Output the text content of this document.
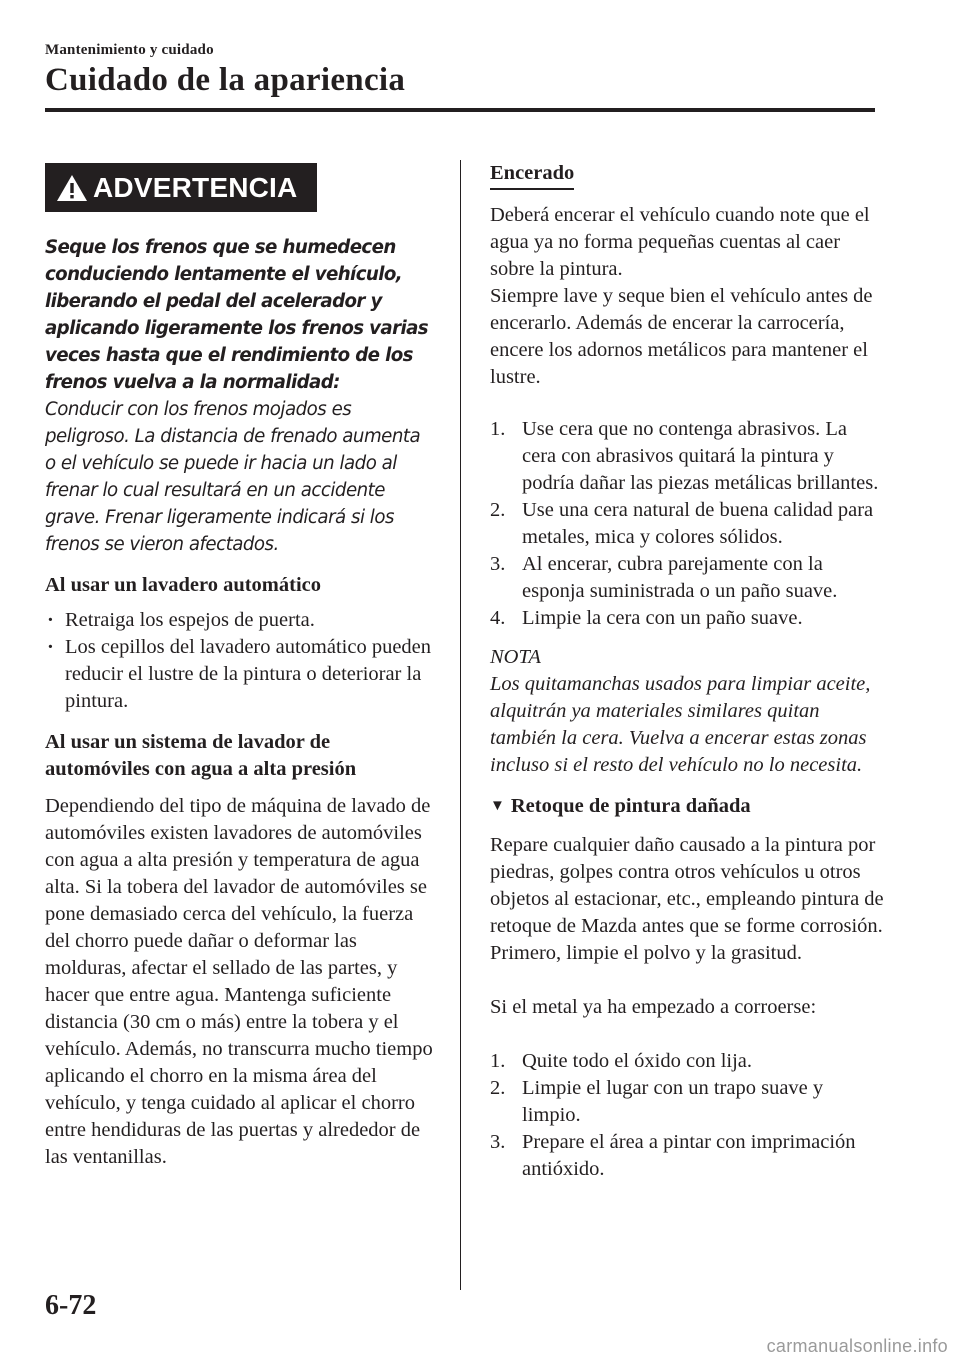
Mantenimiento y cuidado
Cuidado de la apariencia
ADVERTENCIA

Seque los frenos que se humedecen conduciendo lentamente el vehículo, liberando el pedal del acelerador y aplicando ligeramente los frenos varias veces hasta que el rendimiento de los frenos vuelva a la normalidad:

Conducir con los frenos mojados es peligroso. La distancia de frenado aumenta o el vehículo se puede ir hacia un lado al frenar lo cual resultará en un accidente grave. Frenar ligeramente indicará si los frenos se vieron afectados.

Al usar un lavadero automático

· Retraiga los espejos de puerta.
· Los cepillos del lavadero automático pueden reducir el lustre de la pintura o deteriorar la pintura.

Al usar un sistema de lavador de automóviles con agua a alta presión

Dependiendo del tipo de máquina de lavado de automóviles existen lavadores de automóviles con agua a alta presión y temperatura de agua alta. Si la tobera del lavador de automóviles se pone demasiado cerca del vehículo, la fuerza del chorro puede dañar o deformar las molduras, afectar el sellado de las partes, y hacer que entre agua. Mantenga suficiente distancia (30 cm o más) entre la tobera y el vehículo. Además, no transcurra mucho tiempo aplicando el chorro en la misma área del vehículo, y tenga cuidado al aplicar el chorro entre hendiduras de las puertas y alrededor de las ventanillas.

Encerado

Deberá encerar el vehículo cuando note que el agua ya no forma pequeñas cuentas al caer sobre la pintura.

Siempre lave y seque bien el vehículo antes de encerarlo. Además de encerar la carrocería, encere los adornos metálicos para mantener el lustre.

1. Use cera que no contenga abrasivos. La cera con abrasivos quitará la pintura y podría dañar las piezas metálicas brillantes.
2. Use una cera natural de buena calidad para metales, mica y colores sólidos.
3. Al encerar, cubra parejamente con la esponja suministrada o un paño suave.
4. Limpie la cera con un paño suave.

NOTA

Los quitamanchas usados para limpiar aceite, alquitrán ya materiales similares quitan también la cera. Vuelva a encerar estas zonas incluso si el resto del vehículo no lo necesita.

▼ Retoque de pintura dañada

Repare cualquier daño causado a la pintura por piedras, golpes contra otros vehículos u otros objetos al estacionar, etc., empleando pintura de retoque de Mazda antes que se forme corrosión. Primero, limpie el polvo y la grasitud.

Si el metal ya ha empezado a corroerse:

1. Quite todo el óxido con lija.
2. Limpie el lugar con un trapo suave y limpio.
3. Prepare el área a pintar con imprimación antióxido.
6-72
carmanualsonline.info
